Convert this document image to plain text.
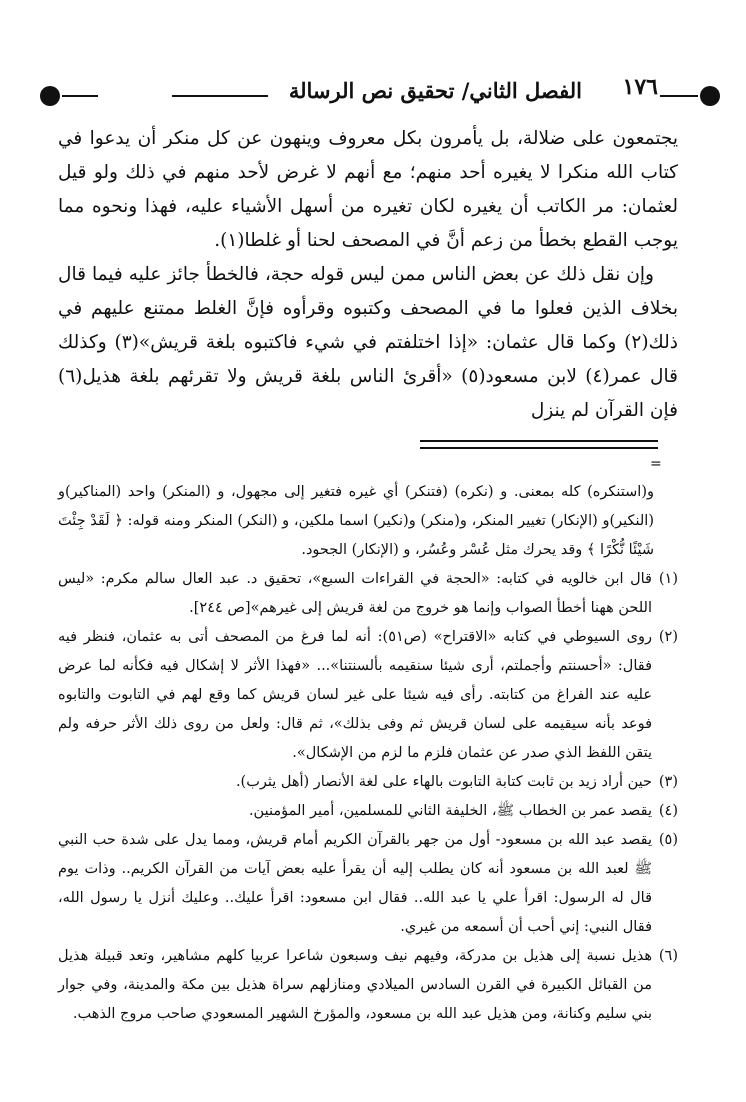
١٧٦
الفصل الثاني/ تحقيق نص الرسالة

يجتمعون على ضلالة، بل يأمرون بكل معروف وينهون عن كل منكر أن يدعوا في كتاب الله منكرا لا يغيره أحد منهم؛ مع أنهم لا غرض لأحد منهم في ذلك ولو قيل لعثمان: مر الكاتب أن يغيره لكان تغيره من أسهل الأشياء عليه، فهذا ونحوه مما يوجب القطع بخطأ من زعم أنَّ في المصحف لحنا أو غلطا(١).

وإن نقل ذلك عن بعض الناس ممن ليس قوله حجة، فالخطأ جائز عليه فيما قال بخلاف الذين فعلوا ما في المصحف وكتبوه وقرأوه فإنَّ الغلط ممتنع عليهم في ذلك(٢) وكما قال عثمان: «إذا اختلفتم في شيء فاكتبوه بلغة قريش»(٣) وكذلك قال عمر(٤) لابن مسعود(٥) «أقرئ الناس بلغة قريش ولا تقرئهم بلغة هذيل(٦) فإن القرآن لم ينزل

=

و(استنكره) كله بمعنى. و (نكره) (فتنكر) أي غيره فتغير إلى مجهول، و (المنكر) واحد (المناكير)و (النكير)و (الإنكار) تغيير المنكر، و(منكر) و(نكير) اسما ملكين، و (النكر) المنكر ومنه قوله: ﴿ لَقَدْ جِئْتَ شَيْئًا نُّكْرًا ﴾ وقد يحرك مثل عُسْر وعُسُر، و (الإنكار) الجحود.

(١)
قال ابن خالويه في كتابه: «الحجة في القراءات السبع»، تحقيق د. عبد العال سالم مكرم: «ليس اللحن ههنا أخطأ الصواب وإنما هو خروج من لغة قريش إلى غيرهم»[ص ٢٤٤].
(٢)
روى السيوطي في كتابه «الاقتراح» (ص٥١): أنه لما فرغ من المصحف أتى به عثمان، فنظر فيه فقال: «أحسنتم وأجملتم، أرى شيئا سنقيمه بألسنتنا»... «فهذا الأثر لا إشكال فيه فكأنه لما عرض عليه عند الفراغ من كتابته. رأى فيه شيئا على غير لسان قريش كما وقع لهم في التابوت والتابوه فوعد بأنه سيقيمه على لسان قريش ثم وفى بذلك»، ثم قال: ولعل من روى ذلك الأثر حرفه ولم يتقن اللفظ الذي صدر عن عثمان فلزم ما لزم من الإشكال».
(٣)
حين أراد زيد بن ثابت كتابة التابوت بالهاء على لغة الأنصار (أهل يثرب).
(٤)
يقصد عمر بن الخطاب ﷺ، الخليفة الثاني للمسلمين، أمير المؤمنين.
(٥)
يقصد عبد الله بن مسعود- أول من جهر بالقرآن الكريم أمام قريش، ومما يدل على شدة حب النبي ﷺ لعبد الله بن مسعود أنه كان يطلب إليه أن يقرأ عليه بعض آيات من القرآن الكريم.. وذات يوم قال له الرسول: اقرأ علي يا عبد الله.. فقال ابن مسعود: اقرأ عليك.. وعليك أنزل يا رسول الله، فقال النبي: إني أحب أن أسمعه من غيري.
(٦)
هذيل نسبة إلى هذيل بن مدركة، وفيهم نيف وسبعون شاعرا عربيا كلهم مشاهير، وتعد قبيلة هذيل من القبائل الكبيرة في القرن السادس الميلادي ومنازلهم سراة هذيل بين مكة والمدينة، وفي جوار بني سليم وكنانة، ومن هذيل عبد الله بن مسعود، والمؤرخ الشهير المسعودي صاحب مروج الذهب.
